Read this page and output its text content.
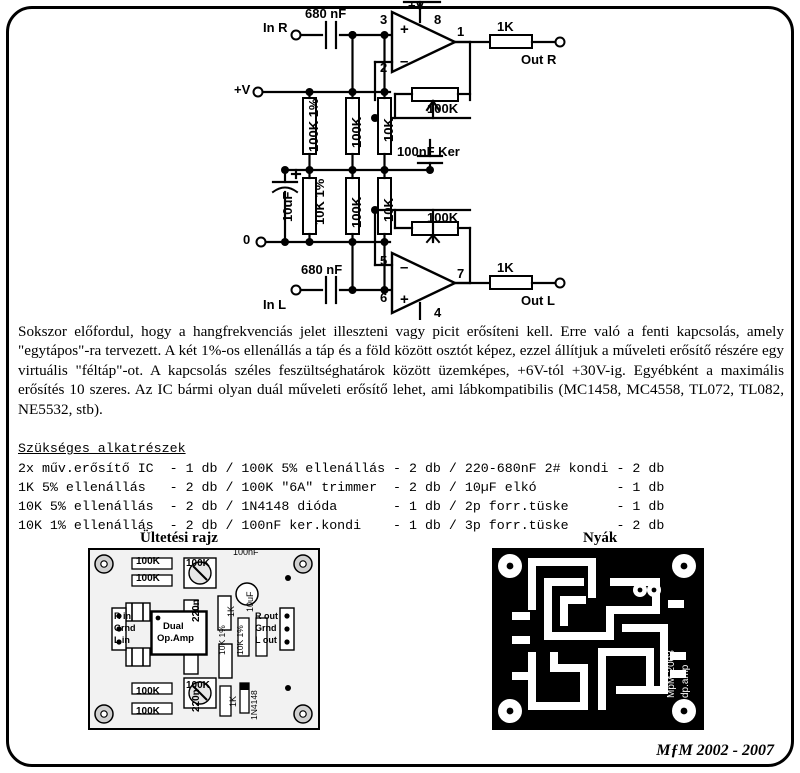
+
–
–
+
In R
680 nF
+V
8
3
1	1K
Out R
2
100K
+V
100K 1% 100K 10K
100nF Ker
10uF 10K 1% 100K 10K 100K
0
680 nF
In L
5
6
7
4
1K
Out L
Sokszor előfordul, hogy a hangfrekvenciás jelet illeszteni vagy picit erősíteni kell. Erre való a fenti kapcsolás, amely "egytápos"-ra tervezett. A két 1%-os ellenállás a táp és a föld között osztót képez, ezzel állítjuk a műveleti erősítő részére egy virtuális "féltáp"-ot. A kapcsolás széles feszültséghatárok között üzemképes, +6V-tól +30V-ig. Egyébként a maximális erősítés 10 szeres. Az IC bármi olyan duál műveleti erősítő lehet, ami lábkompatibilis (MC1458, MC4558, TL072, TL082, NE5532, stb).
Szükséges alkatrészek
2x műv.erősítő IC  - 1 db / 100K 5% ellenállás - 2 db / 220-680nF 2# kondi - 2 db
1K 5% ellenállás   - 2 db / 100K "6A" trimmer  - 2 db / 10µF elkó          - 1 db
10K 5% ellenállás  - 2 db / 1N4148 dióda       - 1 db / 2p forr.tüske      - 1 db
10K 1% ellenállás  - 2 db / 100nF ker.kondi    - 1 db / 3p forr.tüske      - 2 db
Ültetési rajz
100nF
100K
100K
100K
10uF
220n	1K R out
Grnd
L out
10K 1% 10K 1%
R in
Grnd
L in
Dual
Op.Amp
220n
100K
1K 1N4148
100K
100K
Nyák
MpM-2003 dp.amp
MƒM 2002 - 2007
